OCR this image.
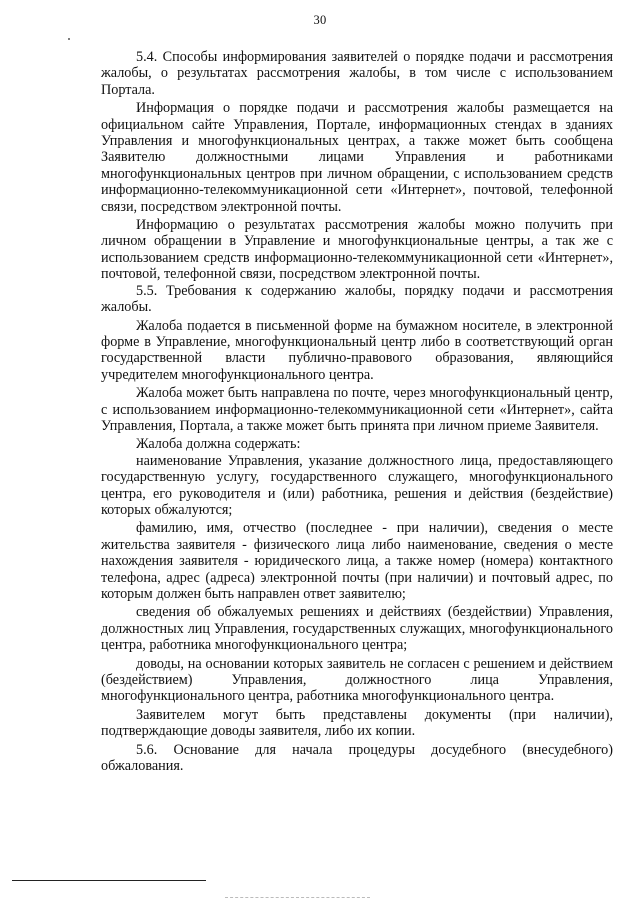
30

5.4. Способы информирования заявителей о порядке подачи и рассмотрения жалобы, о результатах рассмотрения жалобы, в том числе с использованием Портала.

Информация о порядке подачи и рассмотрения жалобы размещается на официальном сайте Управления, Портале, информационных стендах в зданиях Управления и многофункциональных центрах, а также может быть сообщена Заявителю должностными лицами Управления и работниками многофункциональных центров при личном обращении, с использованием средств информационно-телекоммуникационной сети «Интернет», почтовой, телефонной связи, посредством электронной почты.

Информацию о результатах рассмотрения жалобы можно получить при личном обращении в Управление и многофункциональные центры, а так же с использованием средств информационно-телекоммуникационной сети «Интернет», почтовой, телефонной связи, посредством электронной почты.

5.5. Требования к содержанию жалобы, порядку подачи и рассмотрения жалобы.

Жалоба подается в письменной форме на бумажном носителе, в электронной форме в Управление, многофункциональный центр либо в соответствующий орган государственной власти публично-правового образования, являющийся учредителем многофункционального центра.

Жалоба может быть направлена по почте, через многофункциональный центр, с использованием информационно-телекоммуникационной сети «Интернет», сайта Управления, Портала, а также может быть принята при личном приеме Заявителя.

Жалоба должна содержать:

наименование Управления, указание должностного лица, предоставляющего государственную услугу, государственного служащего, многофункционального центра, его руководителя и (или) работника, решения и действия (бездействие) которых обжалуются;

фамилию, имя, отчество (последнее - при наличии), сведения о месте жительства заявителя - физического лица либо наименование, сведения о месте нахождения заявителя - юридического лица, а также номер (номера) контактного телефона, адрес (адреса) электронной почты (при наличии) и почтовый адрес, по которым должен быть направлен ответ заявителю;

сведения об обжалуемых решениях и действиях (бездействии) Управления, должностных лиц Управления, государственных служащих, многофункционального центра, работника многофункционального центра;

доводы, на основании которых заявитель не согласен с решением и действием (бездействием) Управления, должностного лица Управления, многофункционального центра, работника многофункционального центра.

Заявителем могут быть представлены документы (при наличии), подтверждающие доводы заявителя, либо их копии.

5.6. Основание для начала процедуры досудебного (внесудебного) обжалования.
